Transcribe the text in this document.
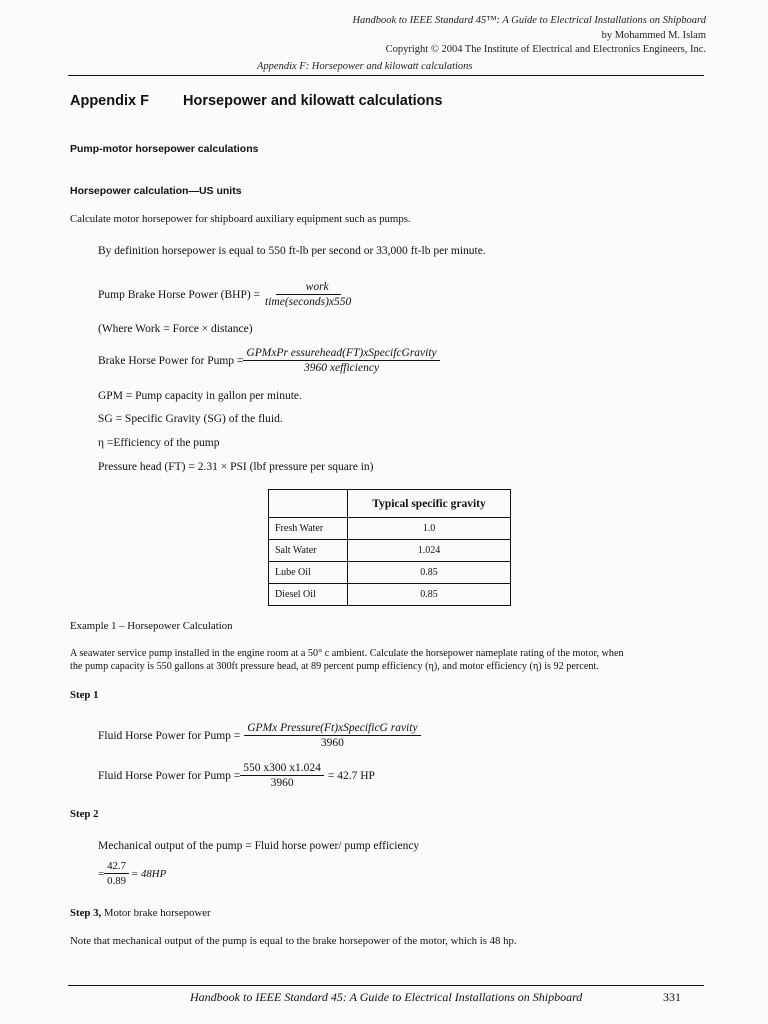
Handbook to IEEE Standard 45™: A Guide to Electrical Installations on Shipboard
by Mohammed M. Islam
Copyright © 2004 The Institute of Electrical and Electronics Engineers, Inc.
Appendix F: Horsepower and kilowatt calculations
Appendix F Horsepower and kilowatt calculations
Pump-motor horsepower calculations
Horsepower calculation—US units
Calculate motor horsepower for shipboard auxiliary equipment such as pumps.
By definition horsepower is equal to 550 ft-lb per second or 33,000 ft-lb per minute.
Pump Brake Horse Power $(BHP) = \frac{\text{work}}{\text{time(seconds)x550}}$
(Where Work = Force × distance)
Brake Horse Power for Pump = $\frac{\text{GPMxPr essurehead(FT)xSpecifcGravity}}{\text{3960 xefficiency}}$
GPM = Pump capacity in gallon per minute.
SG = Specific Gravity (SG) of the fluid.
η =Efficiency of the pump
Pressure head (FT) = 2.31 × PSI (lbf pressure per square in)
	Typical specific gravity
Fresh Water	1.0
Salt Water	1.024
Lube Oil	0.85
Diesel Oil	0.85
Example 1 – Horsepower Calculation
A seawater service pump installed in the engine room at a 50° c ambient. Calculate the horsepower nameplate rating of the motor, when
the pump capacity is 550 gallons at 300ft pressure head, at 89 percent pump efficiency (η), and motor efficiency (η) is 92 percent.
Step 1
Fluid Horse Power for Pump = $\frac{\text{GPMx Pressure(Ft)xSpecificG ravity}}{3960}$
Fluid Horse Power for Pump = $\frac{550 x300 x1.024}{3960} = 42.7$ HP
Step 2
Mechanical output of the pump = Fluid horse power/ pump efficiency
= $\frac{42.7}{0.89} = 48HP$
Step 3, Motor brake horsepower
Note that mechanical output of the pump is equal to the brake horsepower of the motor, which is 48 hp.
Handbook to IEEE Standard 45: A Guide to Electrical Installations on Shipboard	331
